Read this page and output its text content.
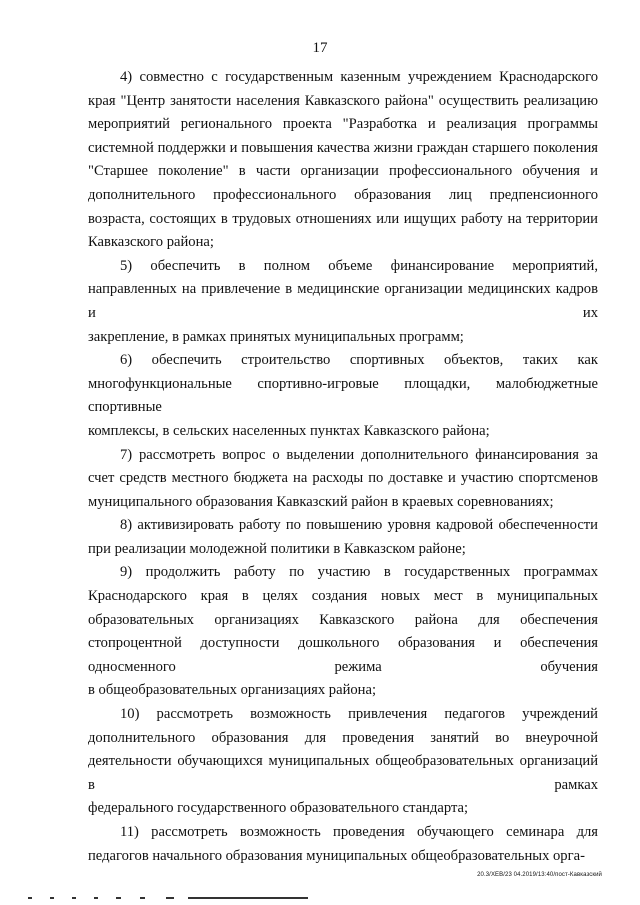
17

4) совместно с государственным казенным учреждением Краснодарского края "Центр занятости населения Кавказского района" осуществить реализацию мероприятий регионального проекта "Разработка и реализация программы системной поддержки и повышения качества жизни граждан старшего поколения "Старшее поколение" в части организации профессионального обучения и дополнительного профессионального образования лиц предпенсионного возраста, состоящих в трудовых отношениях или ищущих работу на территории

Кавказского района;

5) обеспечить в полном объеме финансирование мероприятий, направленных на привлечение в медицинские организации медицинских кадров и их

закрепление, в рамках принятых муниципальных программ;

6) обеспечить строительство спортивных объектов, таких как многофункциональные спортивно-игровые площадки, малобюджетные спортивные

комплексы, в сельских населенных пунктах Кавказского района;

7) рассмотреть вопрос о выделении дополнительного финансирования за счет средств местного бюджета на расходы по доставке и участию спортсменов

муниципального образования Кавказский район в краевых соревнованиях;

8) активизировать работу по повышению уровня кадровой обеспеченности при реализации молодежной политики в Кавказском районе;

9) продолжить работу по участию в государственных программах Краснодарского края в целях создания новых мест в муниципальных образовательных организациях Кавказского района для обеспечения стопроцентной доступности дошкольного образования и обеспечения односменного режима обучения

в общеобразовательных организациях района;

10) рассмотреть возможность привлечения педагогов учреждений дополнительного образования для проведения занятий во внеурочной деятельности обучающихся муниципальных общеобразовательных организаций в рамках

федерального государственного образовательного стандарта;

11) рассмотреть возможность проведения обучающего семинара для педагогов начального образования муниципальных общеобразовательных орга-

20.3/ХЕВ/23 04.2019/13:40/пост-Кавказский
